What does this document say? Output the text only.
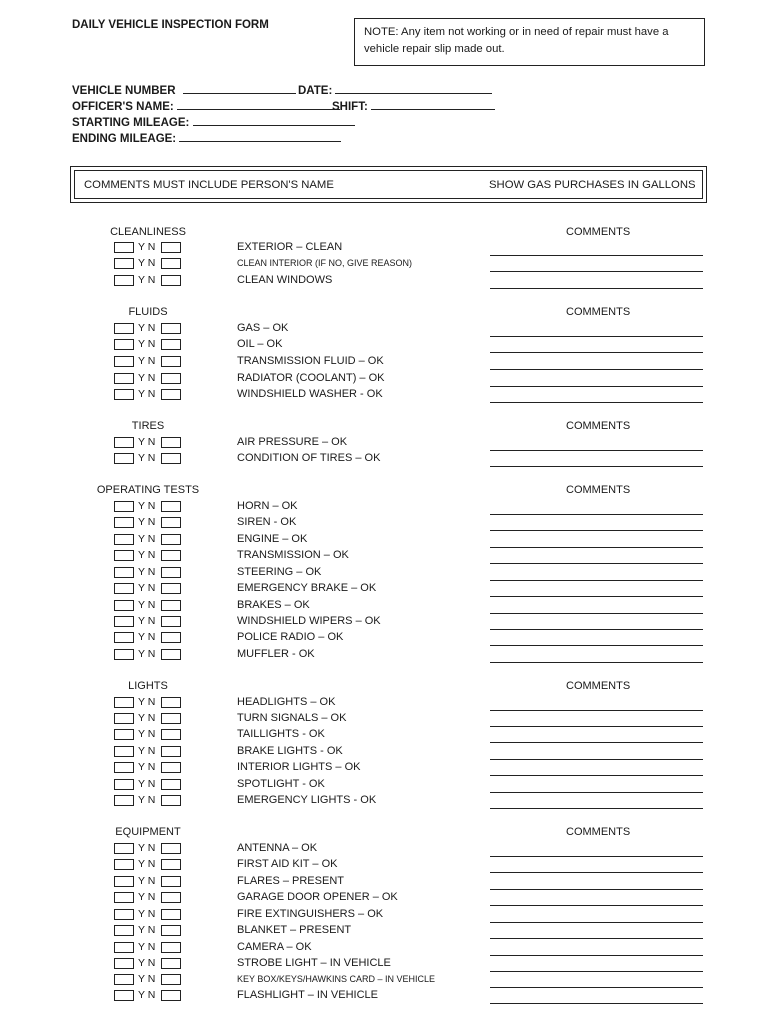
DAILY VEHICLE INSPECTION FORM
NOTE: Any item not working or in need of repair must have a vehicle repair slip made out.
VEHICLE NUMBER	DATE:
OFFICER'S NAME:	SHIFT:
STARTING MILEAGE:
ENDING MILEAGE:
COMMENTS MUST INCLUDE PERSON'S NAME	SHOW GAS PURCHASES IN GALLONS
CLEANLINESS	COMMENTS
Y N	EXTERIOR – CLEAN
Y N	CLEAN INTERIOR (IF NO, GIVE REASON)
Y N	CLEAN WINDOWS
FLUIDS	COMMENTS
Y N	GAS – OK
Y N	OIL – OK
Y N	TRANSMISSION FLUID – OK
Y N	RADIATOR (COOLANT) – OK
Y N	WINDSHIELD WASHER - OK
TIRES	COMMENTS
Y N	AIR PRESSURE – OK
Y N	CONDITION OF TIRES – OK
OPERATING TESTS	COMMENTS
Y N	HORN – OK
Y N	SIREN - OK
Y N	ENGINE – OK
Y N	TRANSMISSION – OK
Y N	STEERING – OK
Y N	EMERGENCY BRAKE – OK
Y N	BRAKES – OK
Y N	WINDSHIELD WIPERS – OK
Y N	POLICE RADIO – OK
Y N	MUFFLER - OK
LIGHTS	COMMENTS
Y N	HEADLIGHTS – OK
Y N	TURN SIGNALS – OK
Y N	TAILLIGHTS - OK
Y N	BRAKE LIGHTS - OK
Y N	INTERIOR LIGHTS – OK
Y N	SPOTLIGHT - OK
Y N	EMERGENCY LIGHTS - OK
EQUIPMENT	COMMENTS
Y N	ANTENNA – OK
Y N	FIRST AID KIT – OK
Y N	FLARES – PRESENT
Y N	GARAGE DOOR OPENER – OK
Y N	FIRE EXTINGUISHERS – OK
Y N	BLANKET – PRESENT
Y N	CAMERA – OK
Y N	STROBE LIGHT – IN VEHICLE
Y N	KEY BOX/KEYS/HAWKINS CARD – IN VEHICLE
Y N	FLASHLIGHT – IN VEHICLE
